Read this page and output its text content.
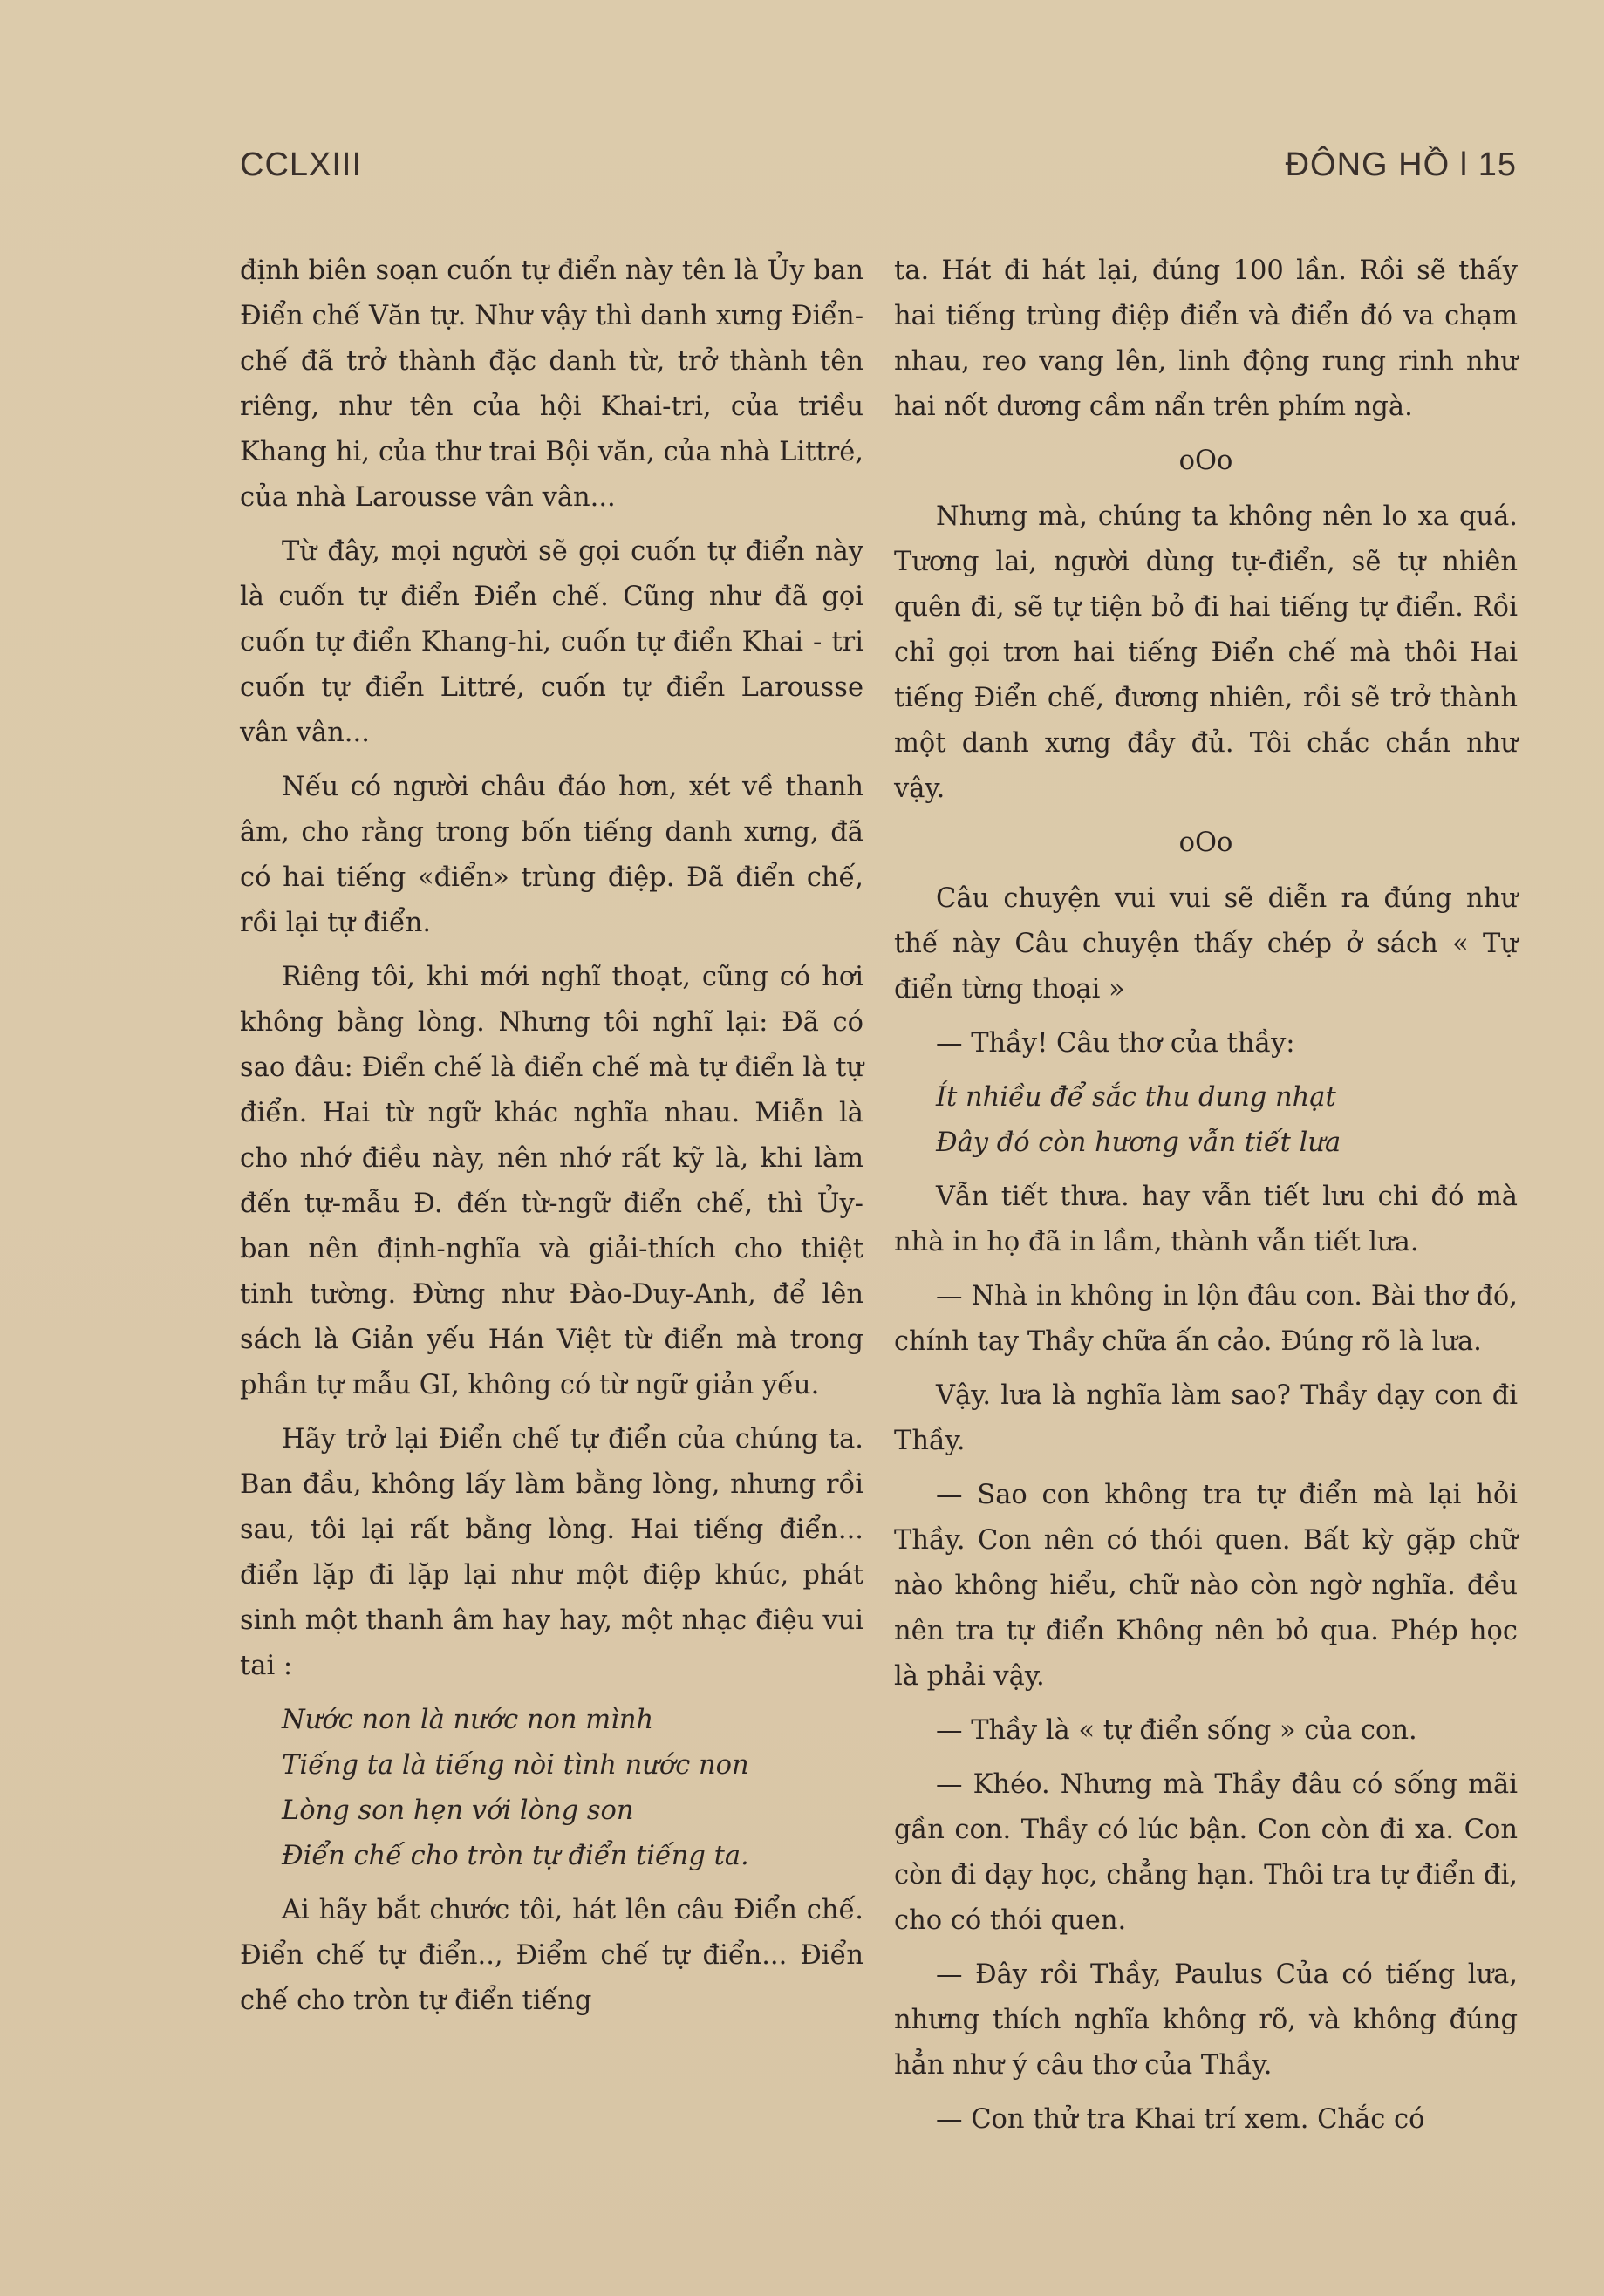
CCLXIII	ĐÔNG HỒ l 15

định biên soạn cuốn tự điển này tên là Ủy ban Điển chế Văn tự. Như vậy thì danh xưng Điển-chế đã trở thành đặc danh từ, trở thành tên riêng, như tên của hội Khai-tri, của triều Khang hi, của thư trai Bội văn, của nhà Littré, của nhà Larousse vân vân...

Từ đây, mọi người sẽ gọi cuốn tự điển này là cuốn tự điển Điển chế. Cũng như đã gọi cuốn tự điển Khang-hi, cuốn tự điển Khai - tri cuốn tự điển Littré, cuốn tự điển Larousse vân vân...

Nếu có người châu đáo hơn, xét về thanh âm, cho rằng trong bốn tiếng danh xưng, đã có hai tiếng «điển» trùng điệp. Đã điển chế, rồi lại tự điển.

Riêng tôi, khi mới nghĩ thoạt, cũng có hơi không bằng lòng. Nhưng tôi nghĩ lại: Đã có sao đâu: Điển chế là điển chế mà tự điển là tự điển. Hai từ ngữ khác nghĩa nhau. Miễn là cho nhớ điều này, nên nhớ rất kỹ là, khi làm đến tự-mẫu Đ. đến từ-ngữ điển chế, thì Ủy-ban nên định-nghĩa và giải-thích cho thiệt tinh tường. Đừng như Đào-Duy-Anh, để lên sách là Giản yếu Hán Việt từ điển mà trong phần tự mẫu GI, không có từ ngữ giản yếu.

Hãy trở lại Điển chế tự điển của chúng ta. Ban đầu, không lấy làm bằng lòng, nhưng rồi sau, tôi lại rất bằng lòng. Hai tiếng điển... điển lặp đi lặp lại như một điệp khúc, phát sinh một thanh âm hay hay, một nhạc điệu vui tai :

Nước non là nước non mình
Tiếng ta là tiếng nòi tình nước non
Lòng son hẹn với lòng son
Điển chế cho tròn tự điển tiếng ta.

Ai hãy bắt chước tôi, hát lên câu Điển chế. Điển chế tự điển.., Điểm chế tự điển... Điển chế cho tròn tự điển tiếng

ta. Hát đi hát lại, đúng 100 lần. Rồi sẽ thấy hai tiếng trùng điệp điển và điển đó va chạm nhau, reo vang lên, linh động rung rinh như hai nốt dương cầm nẩn trên phím ngà.

oOo

Nhưng mà, chúng ta không nên lo xa quá. Tương lai, người dùng tự-điển, sẽ tự nhiên quên đi, sẽ tự tiện bỏ đi hai tiếng tự điển. Rồi chỉ gọi trơn hai tiếng Điển chế mà thôi Hai tiếng Điển chế, đương nhiên, rồi sẽ trở thành một danh xưng đầy đủ. Tôi chắc chắn như vậy.

oOo

Câu chuyện vui vui sẽ diễn ra đúng như thế này Câu chuyện thấy chép ở sách « Tự điển từng thoại »

— Thầy! Câu thơ của thầy:

Ít nhiều để sắc thu dung nhạt
Đây đó còn hương vẫn tiết lưa

Vẫn tiết thưa. hay vẫn tiết lưu chi đó mà nhà in họ đã in lầm, thành vẫn tiết lưa.

— Nhà in không in lộn đâu con. Bài thơ đó, chính tay Thầy chữa ấn cảo. Đúng rõ là lưa.

Vậy. lưa là nghĩa làm sao? Thầy dạy con đi Thầy.

— Sao con không tra tự điển mà lại hỏi Thầy. Con nên có thói quen. Bất kỳ gặp chữ nào không hiểu, chữ nào còn ngờ nghĩa. đều nên tra tự điển Không nên bỏ qua. Phép học là phải vậy.

— Thầy là « tự điển sống » của con.

— Khéo. Nhưng mà Thầy đâu có sống mãi gần con. Thầy có lúc bận. Con còn đi xa. Con còn đi dạy học, chẳng hạn. Thôi tra tự điển đi, cho có thói quen.

— Đây rồi Thầy, Paulus Của có tiếng lưa, nhưng thích nghĩa không rõ, và không đúng hẳn như ý câu thơ của Thầy.

— Con thử tra Khai trí xem. Chắc có
